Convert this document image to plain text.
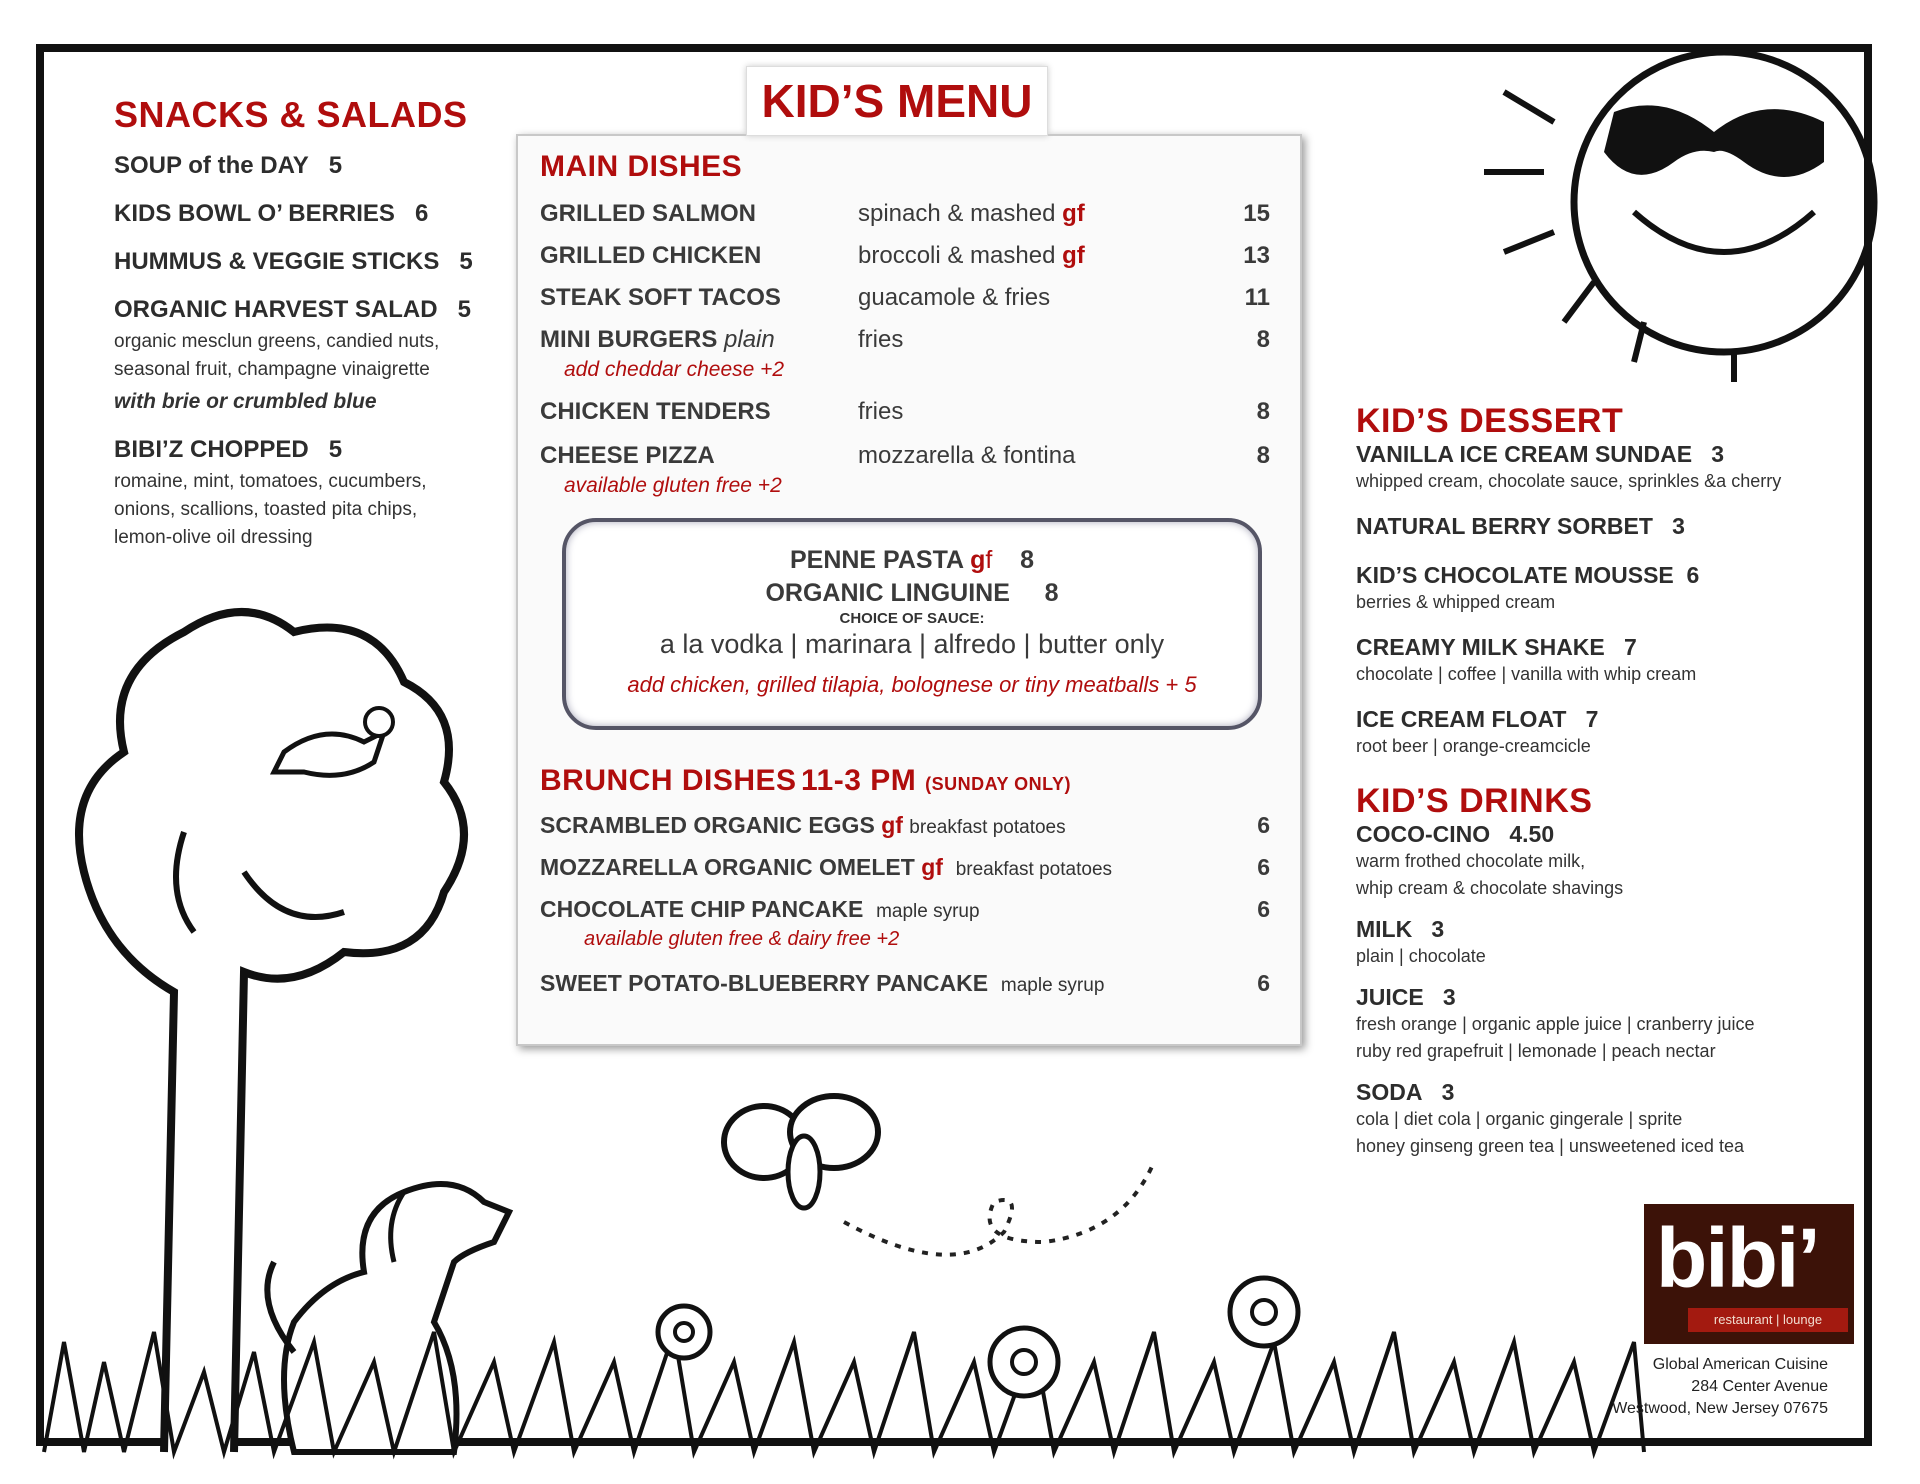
SNACKS & SALADS
SOUP of the DAY 5
KIDS BOWL O’ BERRIES 6
HUMMUS & VEGGIE STICKS 5
ORGANIC HARVEST SALAD 5
organic mesclun greens, candied nuts, seasonal fruit, champagne vinaigrette
with brie or crumbled blue
BIBI’Z CHOPPED 5
romaine, mint, tomatoes, cucumbers, onions, scallions, toasted pita chips, lemon-olive oil dressing
KID’S MENU
MAIN DISHES
GRILLED SALMON	spinach & mashed gf	15
GRILLED CHICKEN	broccoli & mashed gf	13
STEAK SOFT TACOS	guacamole & fries	11
MINI BURGERS plain	fries	8
add cheddar cheese +2
CHICKEN TENDERS	fries	8
CHEESE PIZZA	mozzarella & fontina	8
available gluten free +2
PENNE PASTA gf 8
ORGANIC LINGUINE 8
CHOICE OF SAUCE:
a la vodka | marinara | alfredo | butter only
add chicken, grilled tilapia, bolognese or tiny meatballs + 5
BRUNCH DISHES 11-3 PM (SUNDAY ONLY)
SCRAMBLED ORGANIC EGGS gf breakfast potatoes	6
MOZZARELLA ORGANIC OMELET gf breakfast potatoes	6
CHOCOLATE CHIP PANCAKE maple syrup	6
available gluten free & dairy free +2
SWEET POTATO-BLUEBERRY PANCAKE maple syrup	6
KID’S DESSERT
VANILLA ICE CREAM SUNDAE 3
whipped cream, chocolate sauce, sprinkles &a cherry
NATURAL BERRY SORBET 3
KID’S CHOCOLATE MOUSSE 6
berries & whipped cream
CREAMY MILK SHAKE 7
chocolate | coffee | vanilla with whip cream
ICE CREAM FLOAT 7
root beer | orange-creamcicle
KID’S DRINKS
COCO-CINO 4.50
warm frothed chocolate milk,
whip cream & chocolate shavings
MILK 3
plain | chocolate
JUICE 3
fresh orange | organic apple juice | cranberry juice
ruby red grapefruit | lemonade | peach nectar
SODA 3
cola | diet cola | organic gingerale | sprite
honey ginseng green tea | unsweetened iced tea
bibi’
restaurant | lounge
Global American Cuisine
284 Center Avenue
Westwood, New Jersey 07675
